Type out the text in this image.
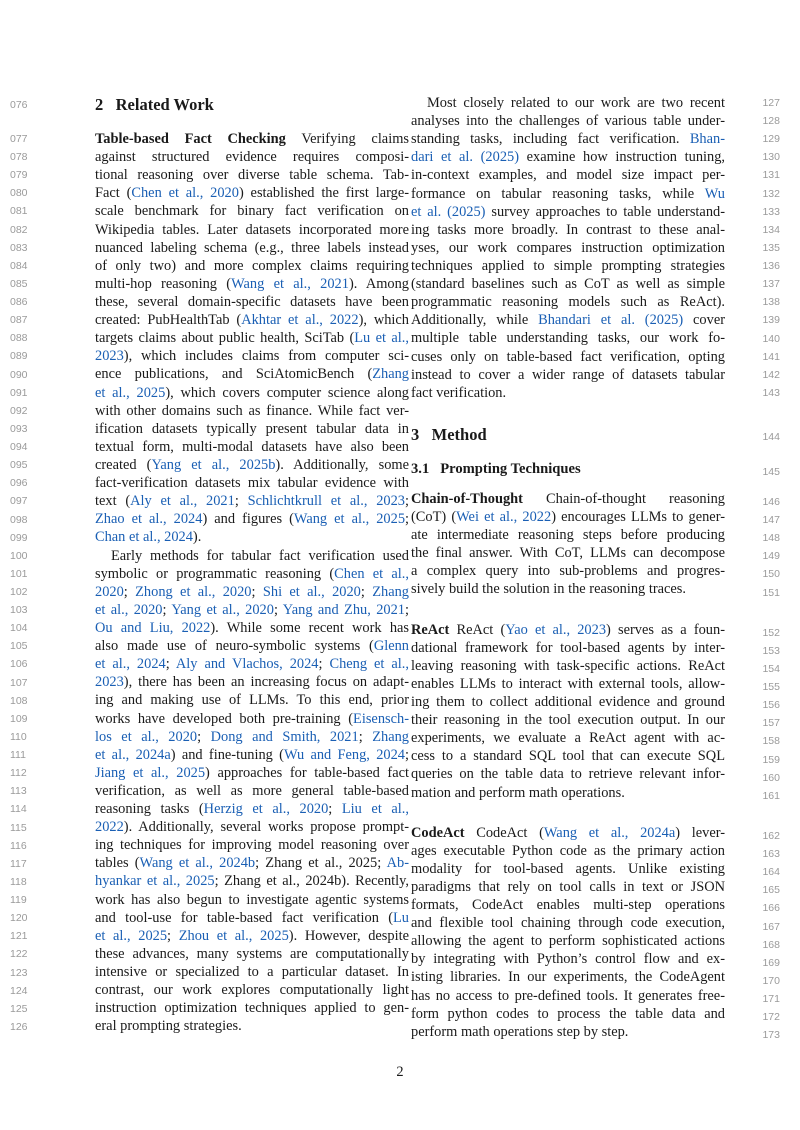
076
077
078
079
080
081
082
083
084
085
086
087
088
089
090
091
092
093
094
095
096
097
098
099
100
101
102
103
104
105
106
107
108
109
110
111
112
113
114
115
116
117
118
119
120
121
122
123
124
125
126
127
128
129
130
131
132
133
134
135
136
137
138
139
140
141
142
143
144
145
146
147
148
149
150
151
152
153
154
155
156
157
158
159
160
161
162
163
164
165
166
167
168
169
170
171
172
173
2 Related Work
Table-based Fact Checking Verifying claims
against structured evidence requires composi-
tional reasoning over diverse table schema. Tab-
Fact (Chen et al., 2020) established the first large-
scale benchmark for binary fact verification on
Wikipedia tables. Later datasets incorporated more
nuanced labeling schema (e.g., three labels instead
of only two) and more complex claims requiring
multi-hop reasoning (Wang et al., 2021). Among
these, several domain-specific datasets have been
created: PubHealthTab (Akhtar et al., 2022), which
targets claims about public health, SciTab (Lu et al.,
2023), which includes claims from computer sci-
ence publications, and SciAtomicBench (Zhang
et al., 2025), which covers computer science along
with other domains such as finance. While fact ver-
ification datasets typically present tabular data in
textual form, multi-modal datasets have also been
created (Yang et al., 2025b). Additionally, some
fact-verification datasets mix tabular evidence with
text (Aly et al., 2021; Schlichtkrull et al., 2023;
Zhao et al., 2024) and figures (Wang et al., 2025;
Chan et al., 2024).
Early methods for tabular fact verification used
symbolic or programmatic reasoning (Chen et al.,
2020; Zhong et al., 2020; Shi et al., 2020; Zhang
et al., 2020; Yang et al., 2020; Yang and Zhu, 2021;
Ou and Liu, 2022). While some recent work has
also made use of neuro-symbolic systems (Glenn
et al., 2024; Aly and Vlachos, 2024; Cheng et al.,
2023), there has been an increasing focus on adapt-
ing and making use of LLMs. To this end, prior
works have developed both pre-training (Eisensch-
los et al., 2020; Dong and Smith, 2021; Zhang
et al., 2024a) and fine-tuning (Wu and Feng, 2024;
Jiang et al., 2025) approaches for table-based fact
verification, as well as more general table-based
reasoning tasks (Herzig et al., 2020; Liu et al.,
2022). Additionally, several works propose prompt-
ing techniques for improving model reasoning over
tables (Wang et al., 2024b; Zhang et al., 2025; Ab-
hyankar et al., 2025; Zhang et al., 2024b). Recently,
work has also begun to investigate agentic systems
and tool-use for table-based fact verification (Lu
et al., 2025; Zhou et al., 2025). However, despite
these advances, many systems are computationally
intensive or specialized to a particular dataset. In
contrast, our work explores computationally light
instruction optimization techniques applied to gen-
eral prompting strategies.
Most closely related to our work are two recent
analyses into the challenges of various table under-
standing tasks, including fact verification. Bhan-
dari et al. (2025) examine how instruction tuning,
in-context examples, and model size impact per-
formance on tabular reasoning tasks, while Wu
et al. (2025) survey approaches to table understand-
ing tasks more broadly. In contrast to these anal-
yses, our work compares instruction optimization
techniques applied to simple prompting strategies
(standard baselines such as CoT as well as simple
programmatic reasoning models such as ReAct).
Additionally, while Bhandari et al. (2025) cover
multiple table understanding tasks, our work fo-
cuses only on table-based fact verification, opting
instead to cover a wider range of datasets tabular
fact verification.
3 Method
3.1 Prompting Techniques
Chain-of-Thought Chain-of-thought reasoning
(CoT) (Wei et al., 2022) encourages LLMs to gener-
ate intermediate reasoning steps before producing
the final answer. With CoT, LLMs can decompose
a complex query into sub-problems and progres-
sively build the solution in the reasoning traces.
ReAct ReAct (Yao et al., 2023) serves as a foun-
dational framework for tool-based agents by inter-
leaving reasoning with task-specific actions. ReAct
enables LLMs to interact with external tools, allow-
ing them to collect additional evidence and ground
their reasoning in the tool execution output. In our
experiments, we evaluate a ReAct agent with ac-
cess to a standard SQL tool that can execute SQL
queries on the table data to retrieve relevant infor-
mation and perform math operations.
CodeAct CodeAct (Wang et al., 2024a) lever-
ages executable Python code as the primary action
modality for tool-based agents. Unlike existing
paradigms that rely on tool calls in text or JSON
formats, CodeAct enables multi-step operations
and flexible tool chaining through code execution,
allowing the agent to perform sophisticated actions
by integrating with Python’s control flow and ex-
isting libraries. In our experiments, the CodeAgent
has no access to pre-defined tools. It generates free-
form python codes to process the table data and
perform math operations step by step.
2
